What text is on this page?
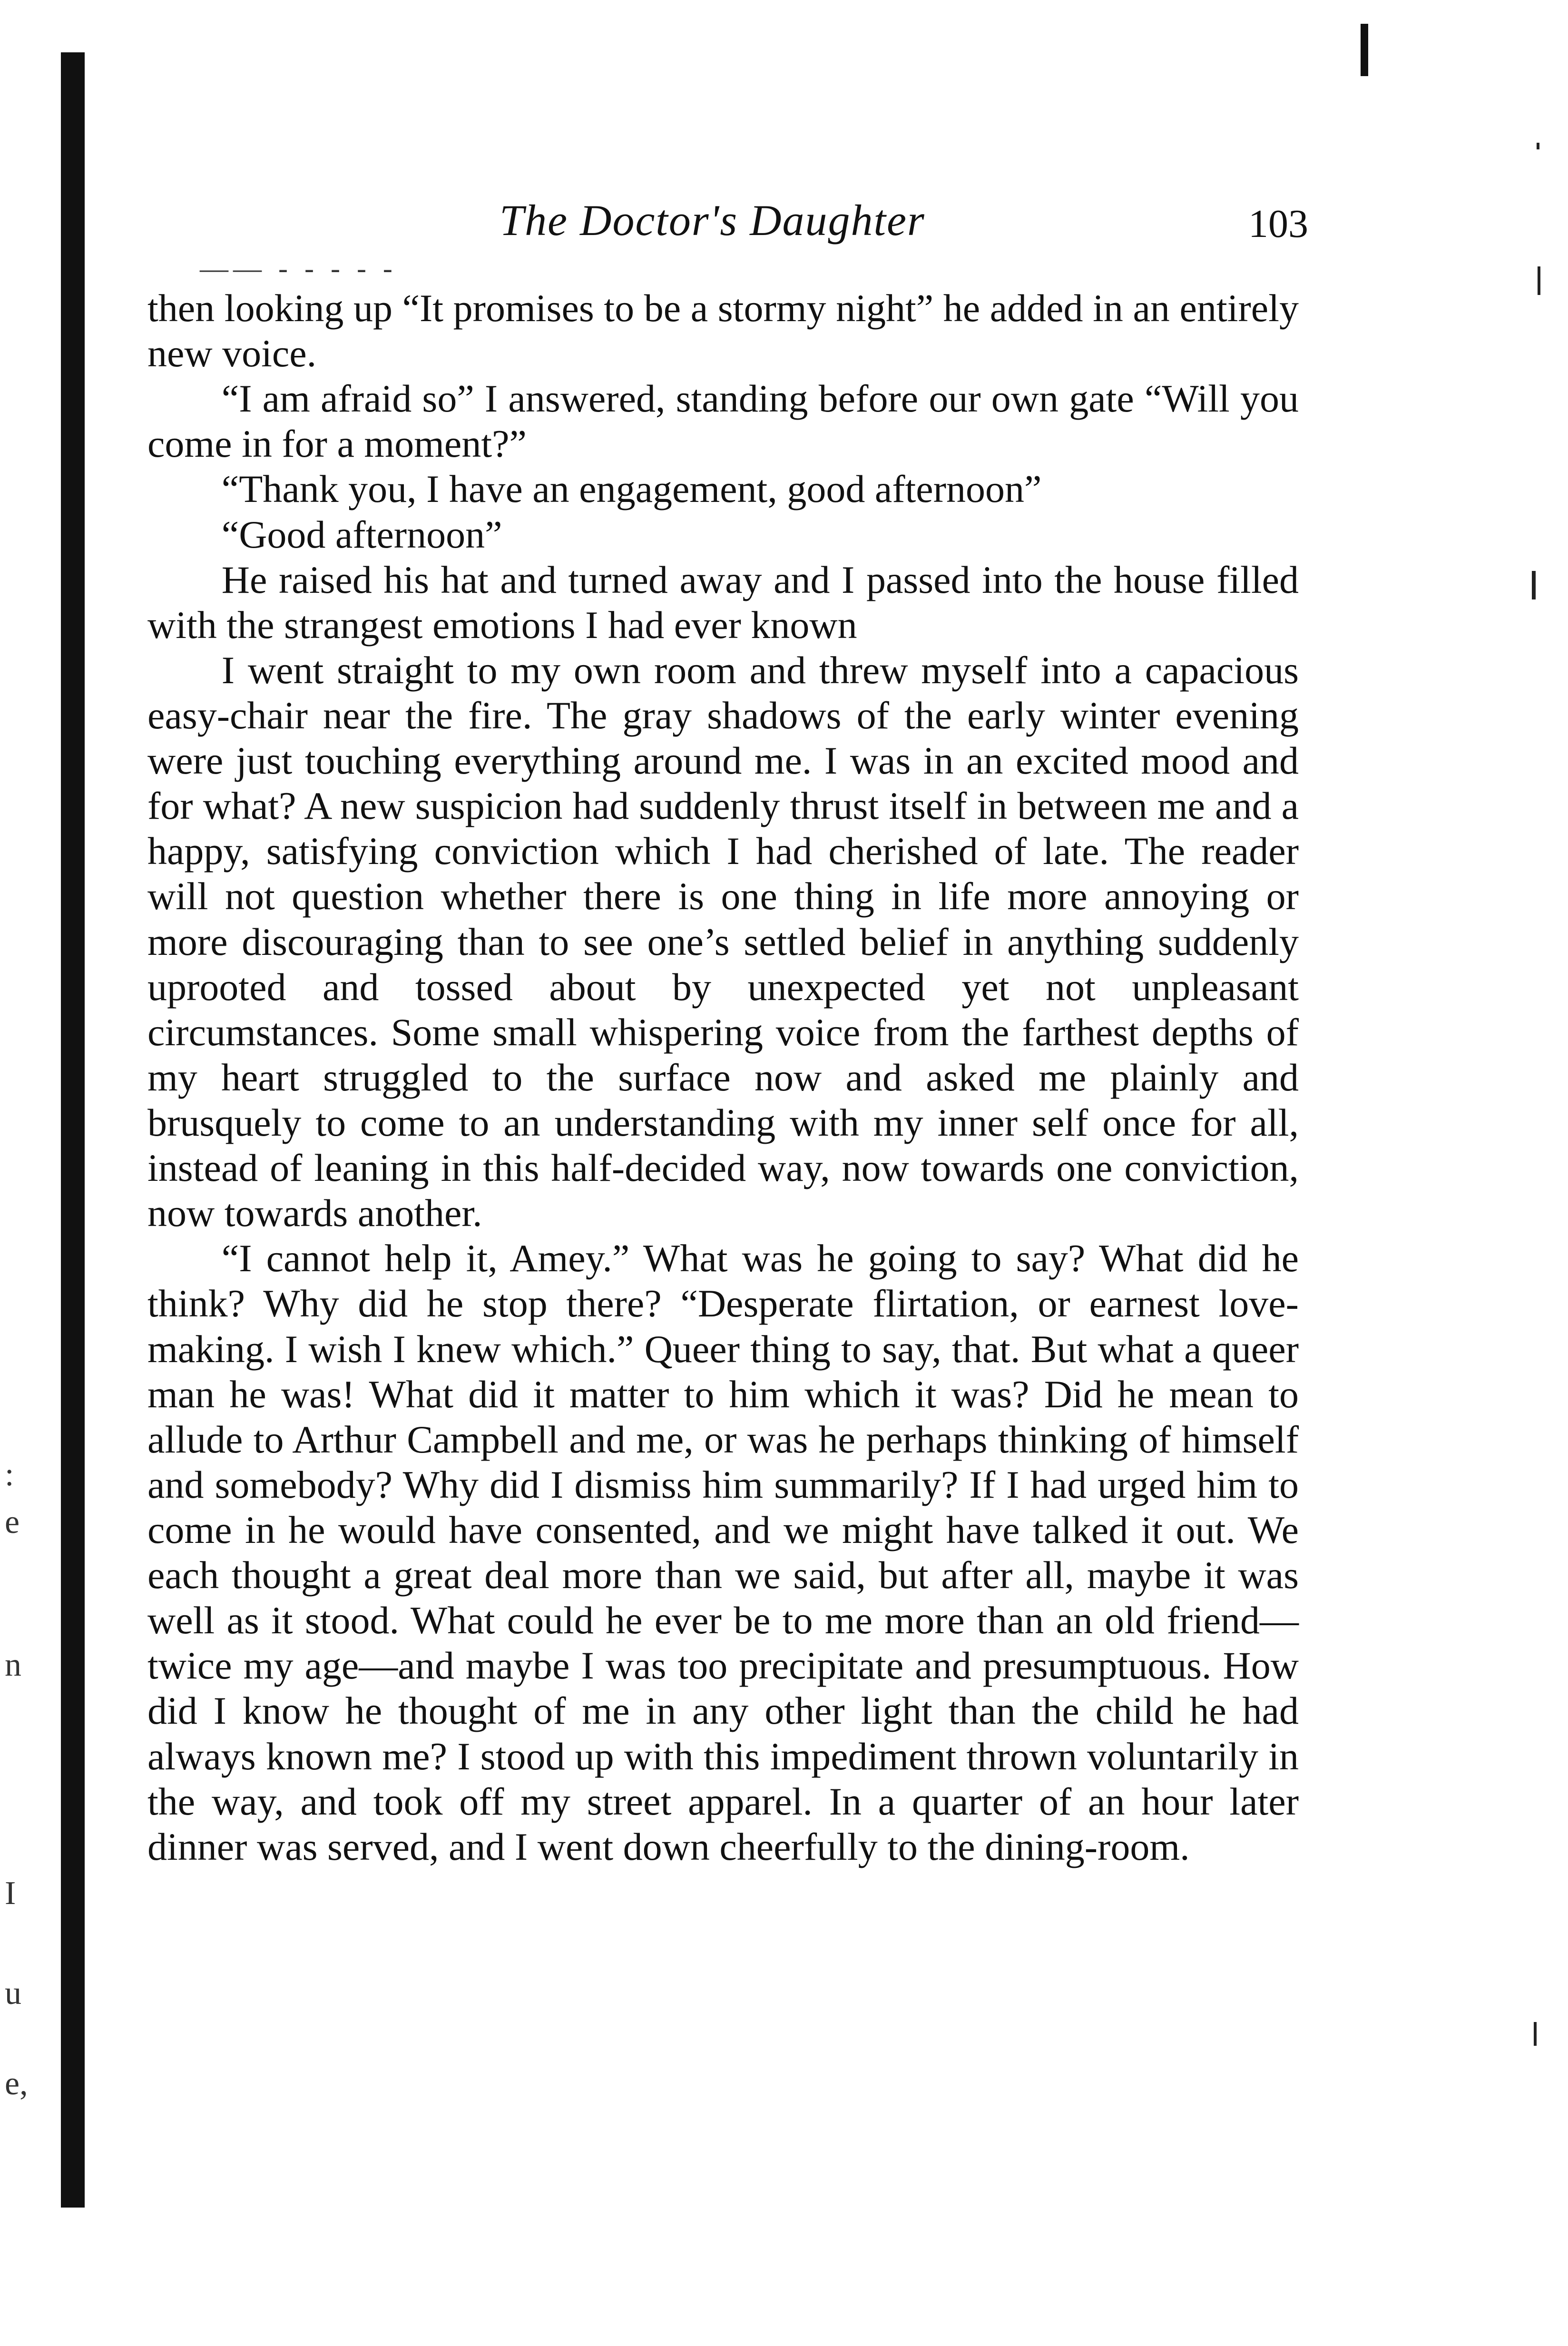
The Doctor's Daughter	103
—— - - - - -

then looking up “It promises to be a stormy night” he added in an entirely new voice.

“I am afraid so” I answered, standing before our own gate “Will you come in for a moment?”

“Thank you, I have an engagement, good afternoon”

“Good afternoon”

He raised his hat and turned away and I passed into the house filled with the strangest emotions I had ever known

I went straight to my own room and threw myself into a capacious easy-chair near the fire. The gray shadows of the early winter evening were just touching everything around me. I was in an excited mood and for what? A new suspicion had suddenly thrust itself in between me and a happy, satisfying conviction which I had cherished of late. The reader will not question whether there is one thing in life more annoying or more discouraging than to see one’s settled belief in anything suddenly uprooted and tossed about by unexpected yet not unpleasant circumstances. Some small whispering voice from the farthest depths of my heart struggled to the surface now and asked me plainly and brusquely to come to an understanding with my inner self once for all, instead of leaning in this half-decided way, now towards one conviction, now towards another.

“I cannot help it, Amey.” What was he going to say? What did he think? Why did he stop there? “Desperate flirtation, or earnest love-making. I wish I knew which.” Queer thing to say, that. But what a queer man he was! What did it matter to him which it was? Did he mean to allude to Arthur Campbell and me, or was he perhaps thinking of himself and somebody? Why did I dismiss him summarily? If I had urged him to come in he would have consented, and we might have talked it out. We each thought a great deal more than we said, but after all, maybe it was well as it stood. What could he ever be to me more than an old friend—twice my age—and maybe I was too precipitate and presumptuous. How did I know he thought of me in any other light than the child he had always known me? I stood up with this impediment thrown voluntarily in the way, and took off my street apparel. In a quarter of an hour later dinner was served, and I went down cheerfully to the dining-room.

:
e
n
I
u
e,
